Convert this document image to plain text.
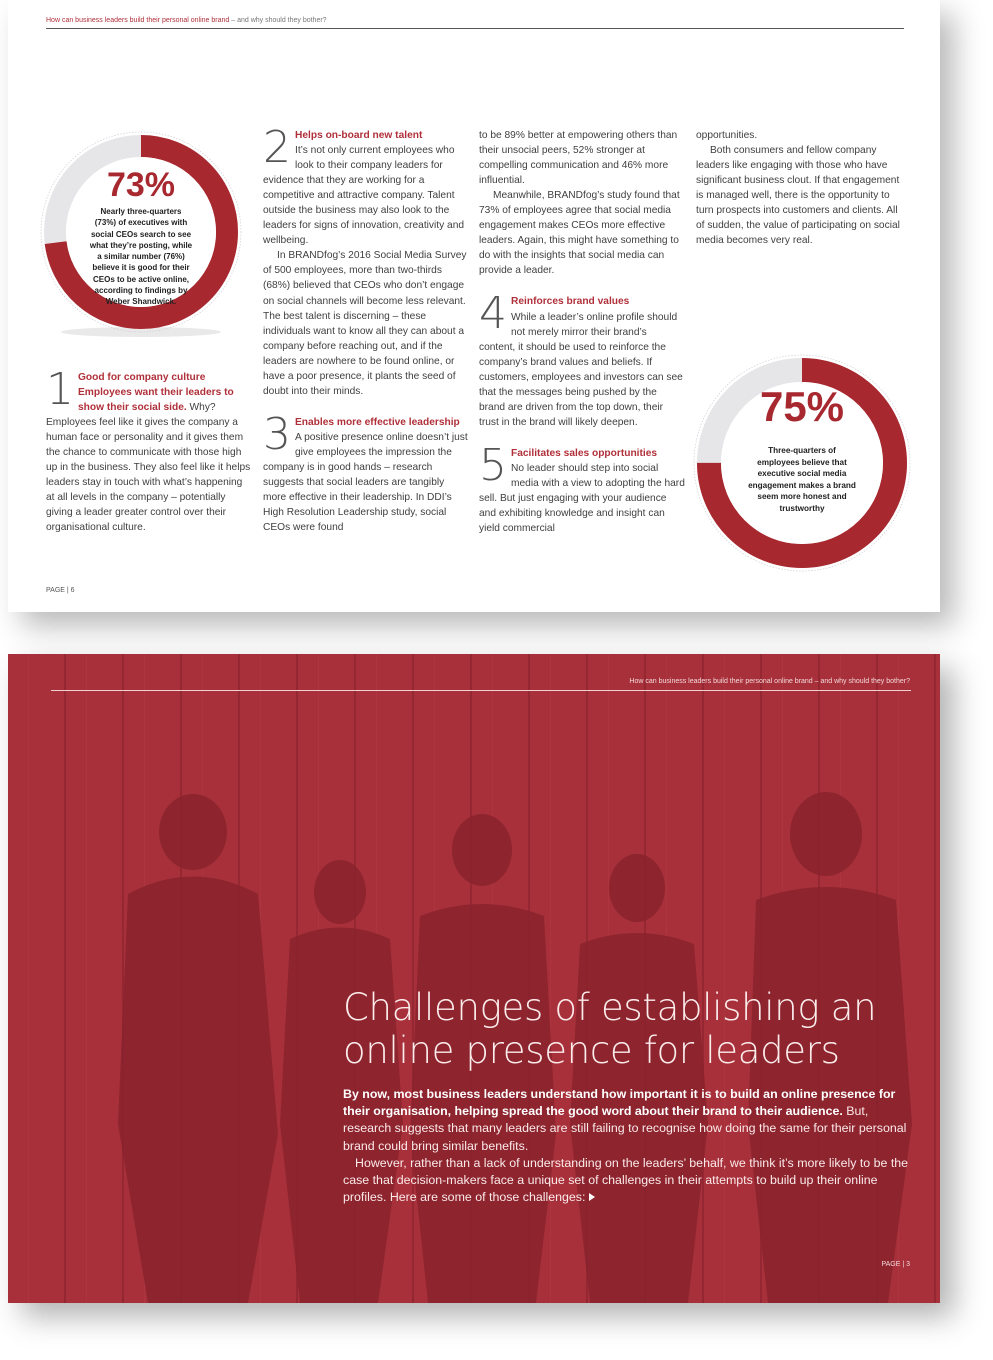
How can business leaders build their personal online brand – and why should they bother?
73%
Nearly three-quarters (73%) of executives with social CEOs search to see what they’re posting, while a similar number (76%) believe it is good for their CEOs to be active online, according to findings by Weber Shandwick.
2 Helps on-board new talent

It’s not only current employees who look to their company leaders for evidence that they are working for a competitive and attractive company. Talent outside the business may also look to the leaders for signs of innovation, creativity and wellbeing.

In BRANDfog’s 2016 Social Media Survey of 500 employees, more than two-thirds (68%) believed that CEOs who don’t engage on social channels will become less relevant. The best talent is discerning – these individuals want to know all they can about a company before reaching out, and if the leaders are nowhere to be found online, or have a poor presence, it plants the seed of doubt into their minds.

3 Enables more effective leadership

A positive presence online doesn’t just give employees the impression the company is in good hands – research suggests that social leaders are tangibly more effective in their leadership. In DDI’s High Resolution Leadership study, social CEOs were found

to be 89% better at empowering others than their unsocial peers, 52% stronger at compelling communication and 46% more influential.

Meanwhile, BRANDfog’s study found that 73% of employees agree that social media engagement makes CEOs more effective leaders. Again, this might have something to do with the insights that social media can provide a leader.

4 Reinforces brand values

While a leader’s online profile should not merely mirror their brand’s content, it should be used to reinforce the company’s brand values and beliefs. If customers, employees and investors can see that the messages being pushed by the brand are driven from the top down, their trust in the brand will likely deepen.

5 Facilitates sales opportunities

No leader should step into social media with a view to adopting the hard sell. But just engaging with your audience and exhibiting knowledge and insight can yield commercial

opportunities.

Both consumers and fellow company leaders like engaging with those who have significant business clout. If that engagement is managed well, there is the opportunity to turn prospects into customers and clients. All of sudden, the value of participating on social media becomes very real.

1 Good for company culture

Employees want their leaders to show their social side. Why? Employees feel like it gives the company a human face or personality and it gives them the chance to communicate with those high up in the business. They also feel like it helps leaders stay in touch with what’s happening at all levels in the company – potentially giving a leader greater control over their organisational culture.

75%
Three-quarters of employees believe that executive social media engagement makes a brand seem more honest and trustworthy
PAGE | 6
How can business leaders build their personal online brand – and why should they bother?
Challenges of establishing an online presence for leaders

By now, most business leaders understand how important it is to build an online presence for their organisation, helping spread the good word about their brand to their audience. But, research suggests that many leaders are still failing to recognise how doing the same for their personal brand could bring similar benefits.

However, rather than a lack of understanding on the leaders’ behalf, we think it’s more likely to be the case that decision-makers face a unique set of challenges in their attempts to build up their online profiles. Here are some of those challenges:

PAGE | 3
